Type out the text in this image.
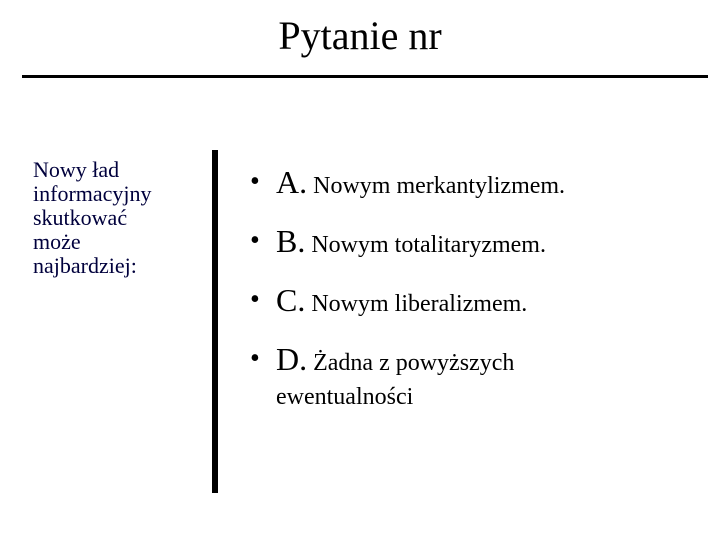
Pytanie nr
Nowy ład
informacyjny
skutkować
może
najbardziej:
• A. Nowym merkantylizmem.
• B. Nowym totalitaryzmem.
• C. Nowym liberalizmem.
• D. Żadna z powyższych
ewentualności
